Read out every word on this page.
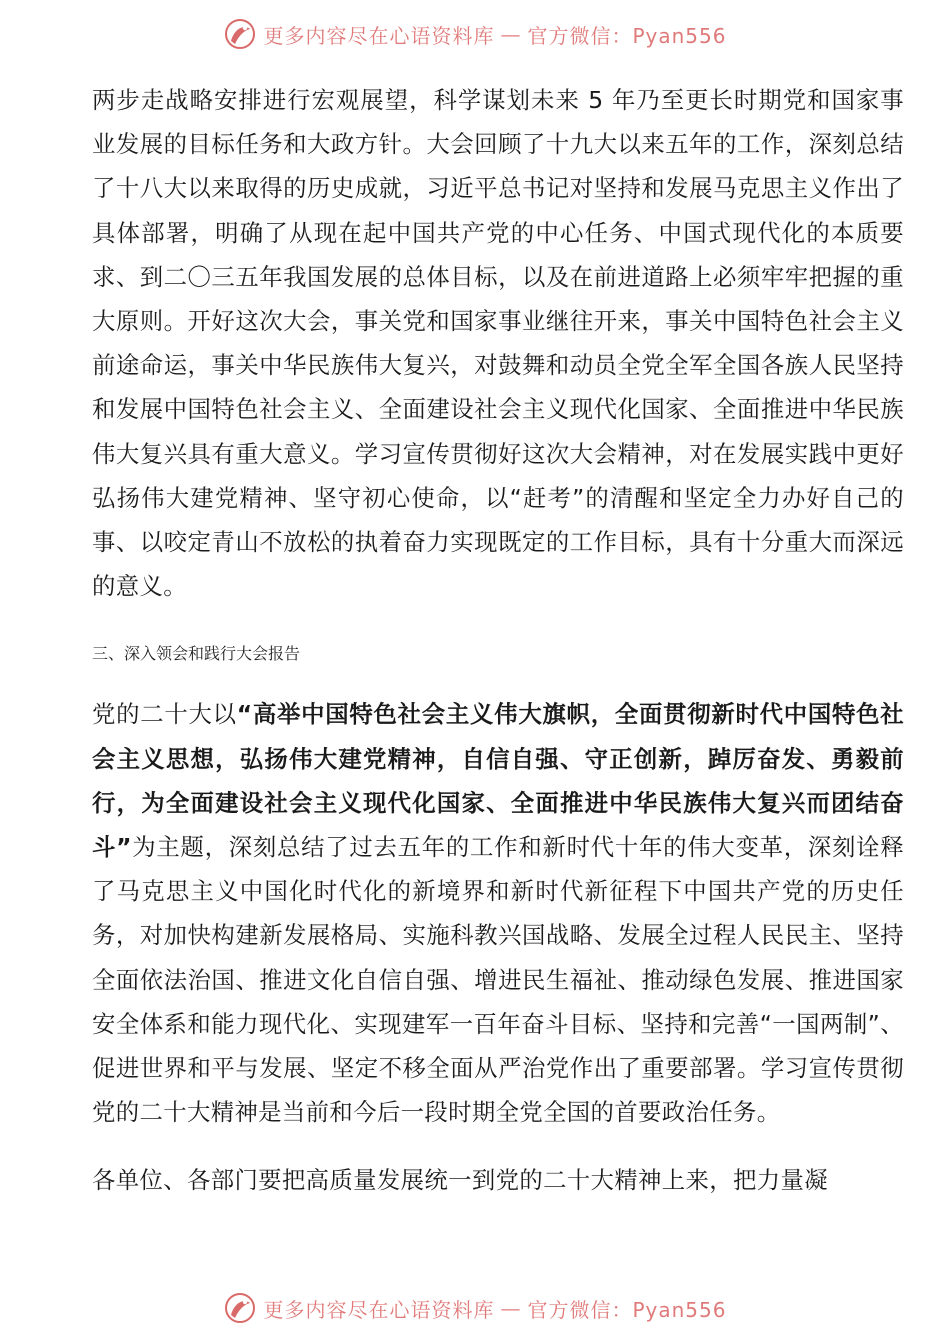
更多内容尽在心语资料库 — 官方微信：Pyan556

两步走战略安排进行宏观展望，科学谋划未来 5 年乃至更长时期党和国家事业发展的目标任务和大政方针。大会回顾了十九大以来五年的工作，深刻总结了十八大以来取得的历史成就，习近平总书记对坚持和发展马克思主义作出了具体部署，明确了从现在起中国共产党的中心任务、中国式现代化的本质要求、到二〇三五年我国发展的总体目标，以及在前进道路上必须牢牢把握的重大原则。开好这次大会，事关党和国家事业继往开来，事关中国特色社会主义前途命运，事关中华民族伟大复兴，对鼓舞和动员全党全军全国各族人民坚持和发展中国特色社会主义、全面建设社会主义现代化国家、全面推进中华民族伟大复兴具有重大意义。学习宣传贯彻好这次大会精神，对在发展实践中更好弘扬伟大建党精神、坚守初心使命，以“赶考”的清醒和坚定全力办好自己的事、以咬定青山不放松的执着奋力实现既定的工作目标，具有十分重大而深远的意义。

三、深入领会和践行大会报告

党的二十大以“高举中国特色社会主义伟大旗帜，全面贯彻新时代中国特色社会主义思想，弘扬伟大建党精神，自信自强、守正创新，踔厉奋发、勇毅前行，为全面建设社会主义现代化国家、全面推进中华民族伟大复兴而团结奋斗”为主题，深刻总结了过去五年的工作和新时代十年的伟大变革，深刻诠释了马克思主义中国化时代化的新境界和新时代新征程下中国共产党的历史任务，对加快构建新发展格局、实施科教兴国战略、发展全过程人民民主、坚持全面依法治国、推进文化自信自强、增进民生福祉、推动绿色发展、推进国家安全体系和能力现代化、实现建军一百年奋斗目标、坚持和完善“一国两制”、促进世界和平与发展、坚定不移全面从严治党作出了重要部署。学习宣传贯彻党的二十大精神是当前和今后一段时期全党全国的首要政治任务。

各单位、各部门要把高质量发展统一到党的二十大精神上来，把力量凝

更多内容尽在心语资料库 — 官方微信：Pyan556
